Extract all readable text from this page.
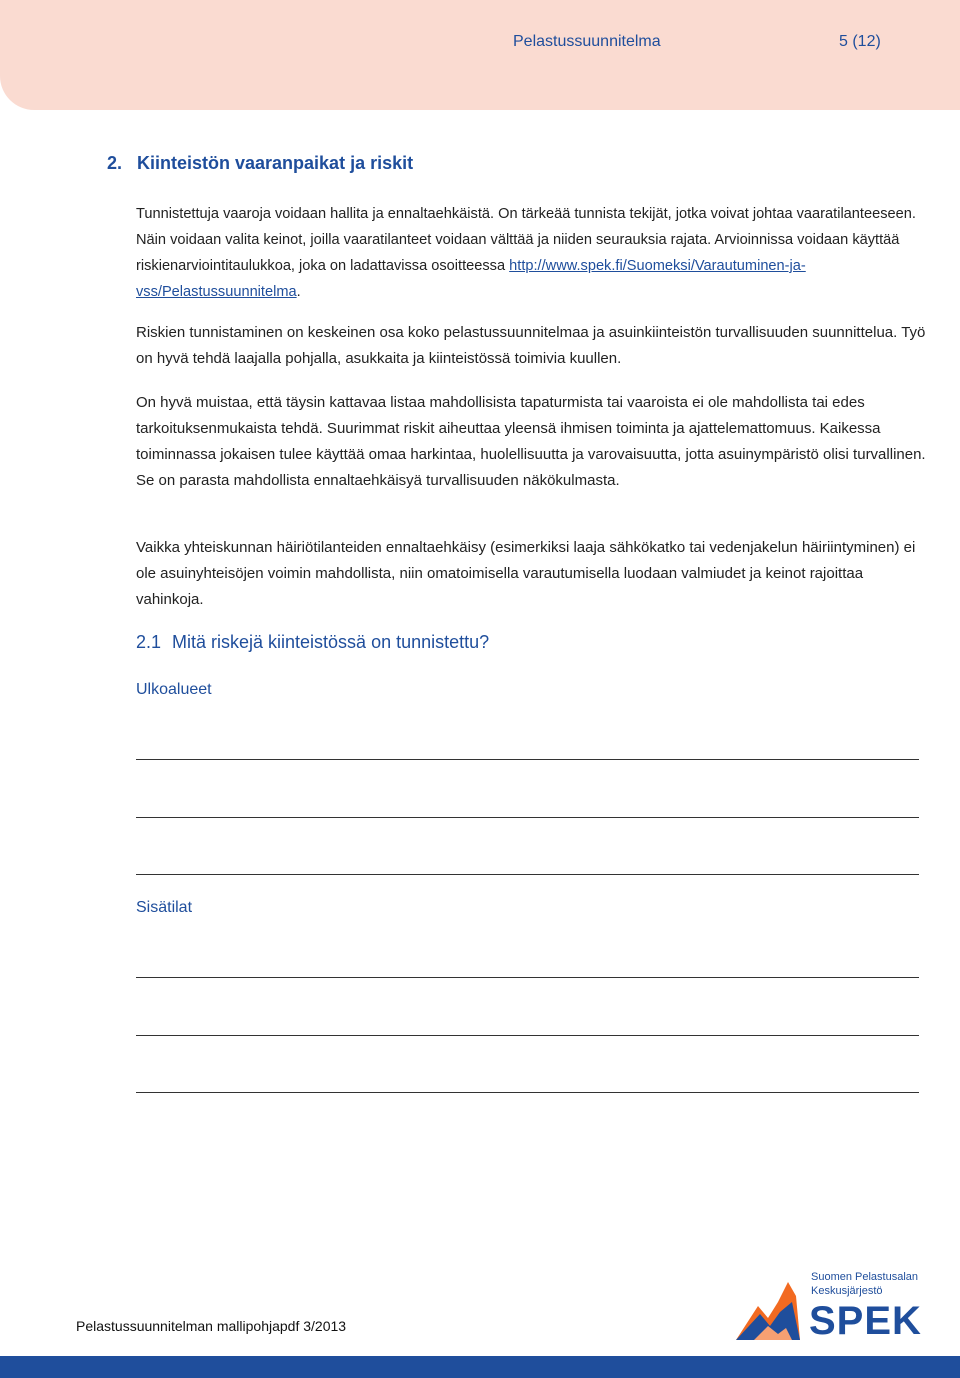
Pelastussuunnitelma	5 (12)
2. Kiinteistön vaaranpaikat ja riskit
Tunnistettuja vaaroja voidaan hallita ja ennaltaehkäistä. On tärkeää tunnista tekijät, jotka voivat johtaa vaaratilanteeseen. Näin voidaan valita keinot, joilla vaaratilanteet voidaan välttää ja niiden seurauksia rajata. Arvioinnissa voidaan käyttää riskienarviointitaulukkoa, joka on ladattavissa osoitteessa http://www.spek.fi/Suomeksi/Varautuminen-ja-vss/Pelastussuunnitelma.
Riskien tunnistaminen on keskeinen osa koko pelastussuunnitelmaa ja asuinkiinteistön turvallisuuden suunnittelua. Työ on hyvä tehdä laajalla pohjalla, asukkaita ja kiinteistössä toimivia kuullen.
On hyvä muistaa, että täysin kattavaa listaa mahdollisista tapaturmista tai vaaroista ei ole mahdollista tai edes tarkoituksenmukaista tehdä. Suurimmat riskit aiheuttaa yleensä ihmisen toiminta ja ajattelemattomuus. Kaikessa toiminnassa jokaisen tulee käyttää omaa harkintaa, huolellisuutta ja varovaisuutta, jotta asuinympäristö olisi turvallinen. Se on parasta mahdollista ennaltaehkäisyä turvallisuuden näkökulmasta.
Vaikka yhteiskunnan häiriötilanteiden ennaltaehkäisy (esimerkiksi laaja sähkökatko tai vedenjakelun häiriintyminen) ei ole asuinyhteisöjen voimin mahdollista, niin omatoimisella varautumisella luodaan valmiudet ja keinot rajoittaa vahinkoja.
2.1 Mitä riskejä kiinteistössä on tunnistettu?
Ulkoalueet
Sisätilat
Pelastussuunnitelman mallipohjapdf 3/2013
Suomen Pelastusalan
Keskusjärjestö
SPEK
